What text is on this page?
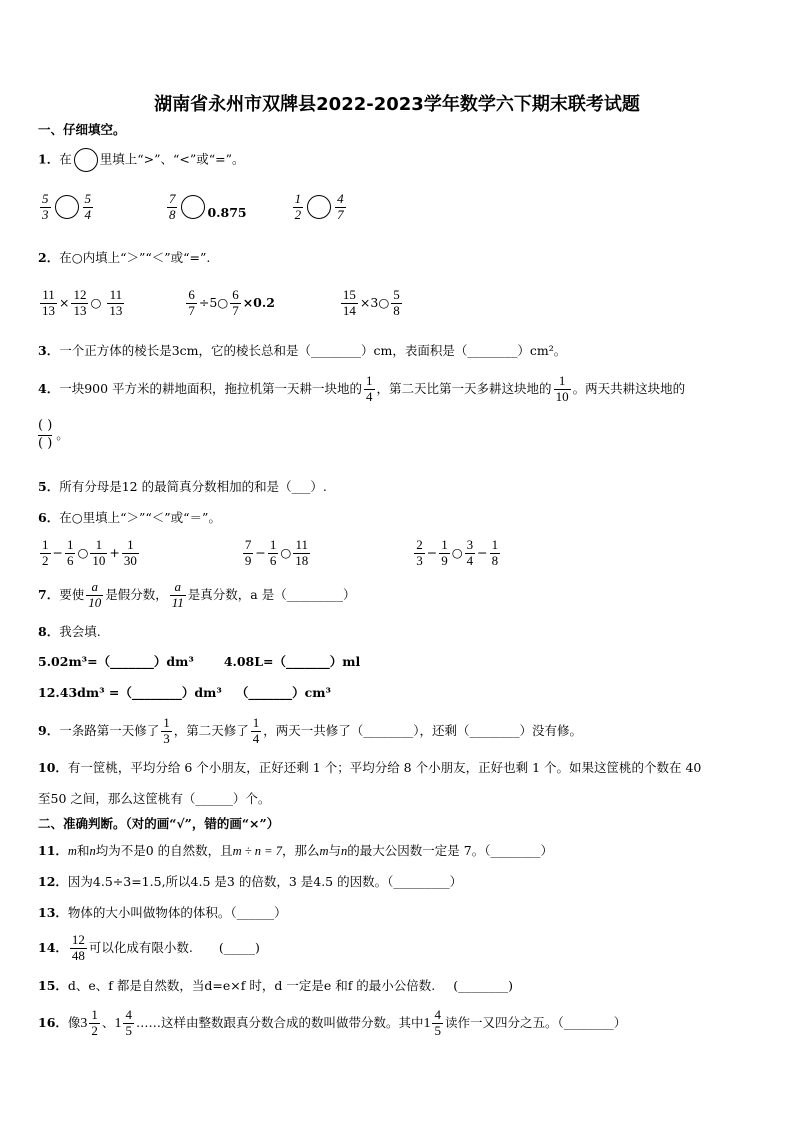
湖南省永州市双牌县2022-2023学年数学六下期末联考试题
一、仔细填空。
1．在 里填上“>”、“<”或“=”。
$\frac{5}{3} \frac{5}{4}$
	$\frac{7}{8} 0.875$	$\frac{1}{2} \frac{4}{7}$
2．在○内填上“＞”“＜”或“=”.
$\frac{11}{13} \times \frac{12}{13}$ ○ $\frac{11}{13}$
	$\frac{6}{7}$ ÷5○ $\frac{6}{7} \times 0.2$	$\frac{15}{14}$ ×3○ $\frac{5}{8}$
3．一个正方体的棱长是3cm，它的棱长总和是（________）cm，表面积是（________）cm²。
4．一块900 平方米的耕地面积，拖拉机第一天耕一块地的 $\frac{1}{4}$ ，第二天比第一天多耕这块地的 $\frac{1}{10}$ 。两天共耕这块地的
( )
( )
。
5．所有分母是12 的最简真分数相加的和是（___）.
6．在○里填上“＞”“＜”或“＝”。
$\frac{1}{2} - \frac{1}{6}$ ○ $\frac{1}{10} + \frac{1}{30}$
	$\frac{7}{9} - \frac{1}{6}$ ○ $\frac{11}{18}$
	$\frac{2}{3} - \frac{1}{9}$ ○ $\frac{3}{4} - \frac{1}{8}$
7．要使 $\frac{a}{10}$ 是假分数， $\frac{a}{11}$ 是真分数，a 是（_________）
8．我会填.
5.02m³=（_______）dm³ 4.08L=（_______）ml
12.43dm³ =（________）dm³ （_______）cm³
9．一条路第一天修了 $\frac{1}{3}$ ，第二天修了 $\frac{1}{4}$ ，两天一共修了（________），还剩（________）没有修。
10．有一筐桃，平均分给 6 个小朋友，正好还剩 1 个；平均分给 8 个小朋友，正好也剩 1 个。如果这筐桃的个数在 40
至50 之间，那么这筐桃有（______）个。
二、准确判断。（对的画“√”，错的画“×”）
11．m和n均为不是0 的自然数，且m ÷ n = 7，那么m与n的最大公因数一定是 7。（________）
12．因为4.5÷3=1.5,所以4.5 是3 的倍数，3 是4.5 的因数。（_________）
13．物体的大小叫做物体的体积。（______）
14． $\frac{12}{48}$ 可以化成有限小数. (_____)
15．d、e、f 都是自然数，当d=e×f 时，d 一定是e 和f 的最小公倍数. (________)
16．像$3 \frac{1}{2}$ 、$1 \frac{4}{5}$ ……这样由整数跟真分数合成的数叫做带分数。其中$1 \frac{4}{5}$ 读作一又四分之五。（________）
